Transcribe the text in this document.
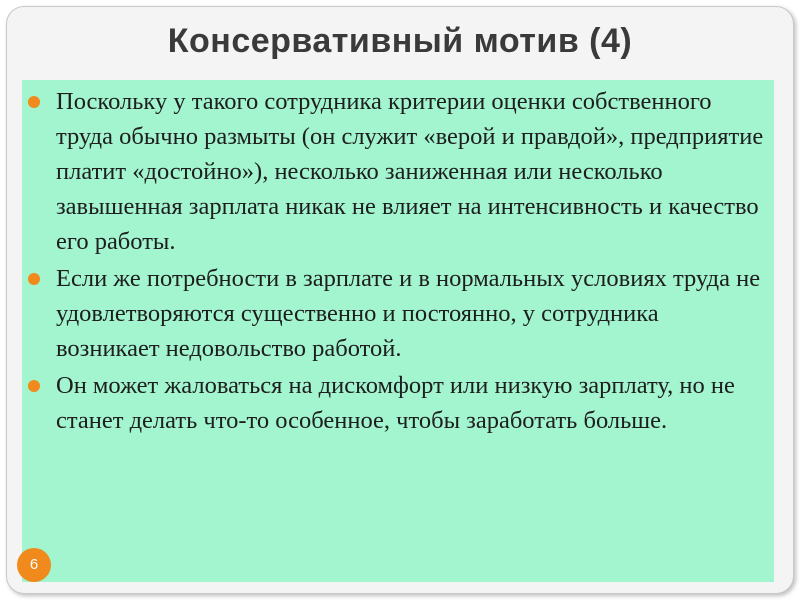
Консервативный мотив (4)
Поскольку у такого сотрудника критерии оценки собственного труда обычно размыты (он служит «верой и правдой», предприятие платит «достойно»), несколько заниженная или несколько завышенная зарплата никак не влияет на интенсивность и качество его работы.
Если же потребности в зарплате и в нормальных условиях труда не удовлетворяются существенно и постоянно, у сотрудника возникает недовольство работой.
Он может жаловаться на дискомфорт или низкую зарплату, но не станет делать что-то особенное, чтобы заработать больше.
6
